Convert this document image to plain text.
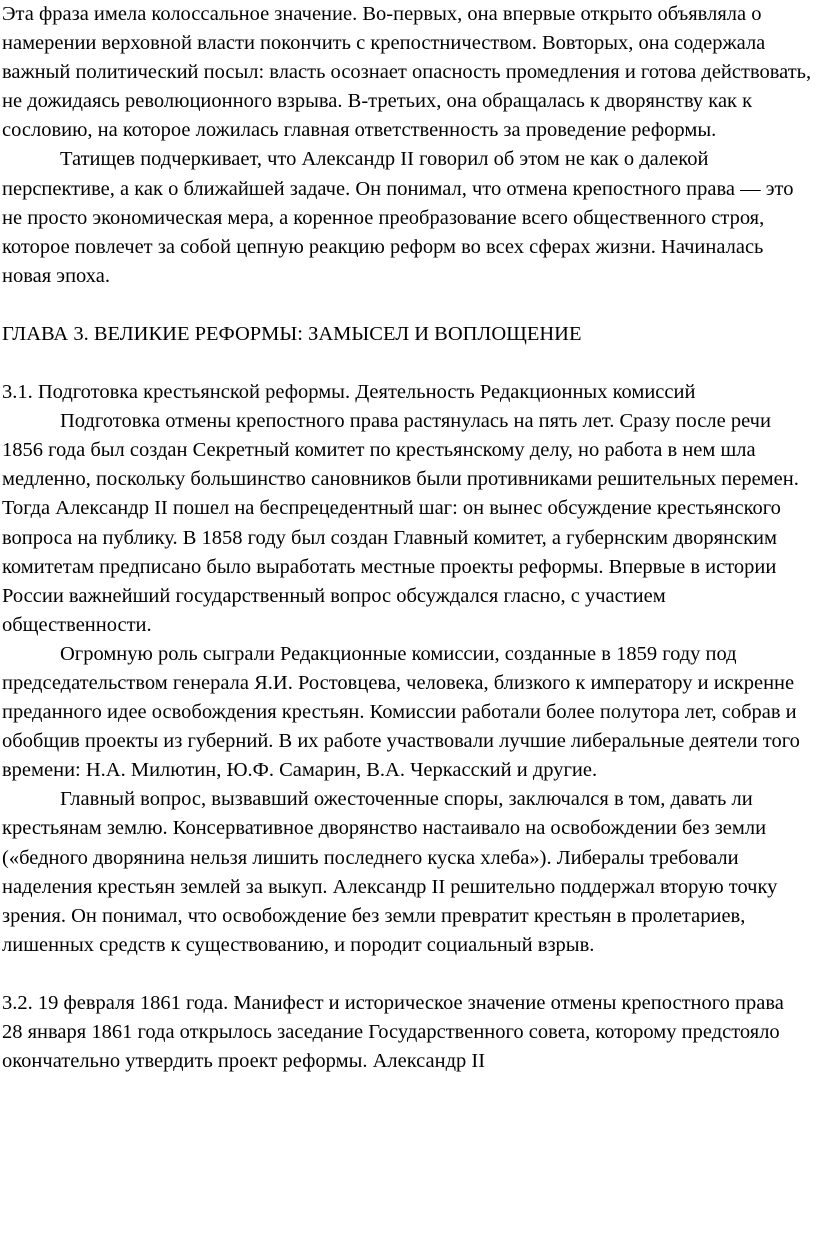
Эта фраза имела колоссальное значение. Во-первых, она впервые открыто объявляла о намерении верховной власти покончить с крепостничеством. Вовторых, она содержала важный политический посыл: власть осознает опасность промедления и готова действовать, не дожидаясь революционного взрыва. В-третьих, она обращалась к дворянству как к сословию, на которое ложилась главная ответственность за проведение реформы.

Татищев подчеркивает, что Александр II говорил об этом не как о далекой перспективе, а как о ближайшей задаче. Он понимал, что отмена крепостного права — это не просто экономическая мера, а коренное преобразование всего общественного строя, которое повлечет за собой цепную реакцию реформ во всех сферах жизни. Начиналась новая эпоха.

ГЛАВА 3. ВЕЛИКИЕ РЕФОРМЫ: ЗАМЫСЕЛ И ВОПЛОЩЕНИЕ
3.1. Подготовка крестьянской реформы. Деятельность Редакционных комиссий

Подготовка отмены крепостного права растянулась на пять лет. Сразу после речи 1856 года был создан Секретный комитет по крестьянскому делу, но работа в нем шла медленно, поскольку большинство сановников были противниками решительных перемен. Тогда Александр II пошел на беспрецедентный шаг: он вынес обсуждение крестьянского вопроса на публику. В 1858 году был создан Главный комитет, а губернским дворянским комитетам предписано было выработать местные проекты реформы. Впервые в истории России важнейший государственный вопрос обсуждался гласно, с участием общественности.

Огромную роль сыграли Редакционные комиссии, созданные в 1859 году под председательством генерала Я.И. Ростовцева, человека, близкого к императору и искренне преданного идее освобождения крестьян. Комиссии работали более полутора лет, собрав и обобщив проекты из губерний. В их работе участвовали лучшие либеральные деятели того времени: Н.А. Милютин, Ю.Ф. Самарин, В.А. Черкасский и другие.

Главный вопрос, вызвавший ожесточенные споры, заключался в том, давать ли крестьянам землю. Консервативное дворянство настаивало на освобождении без земли («бедного дворянина нельзя лишить последнего куска хлеба»). Либералы требовали наделения крестьян землей за выкуп. Александр II решительно поддержал вторую точку зрения. Он понимал, что освобождение без земли превратит крестьян в пролетариев, лишенных средств к существованию, и породит социальный взрыв.

3.2. 19 февраля 1861 года. Манифест и историческое значение отмены крепостного права

28 января 1861 года открылось заседание Государственного совета, которому предстояло окончательно утвердить проект реформы. Александр II
